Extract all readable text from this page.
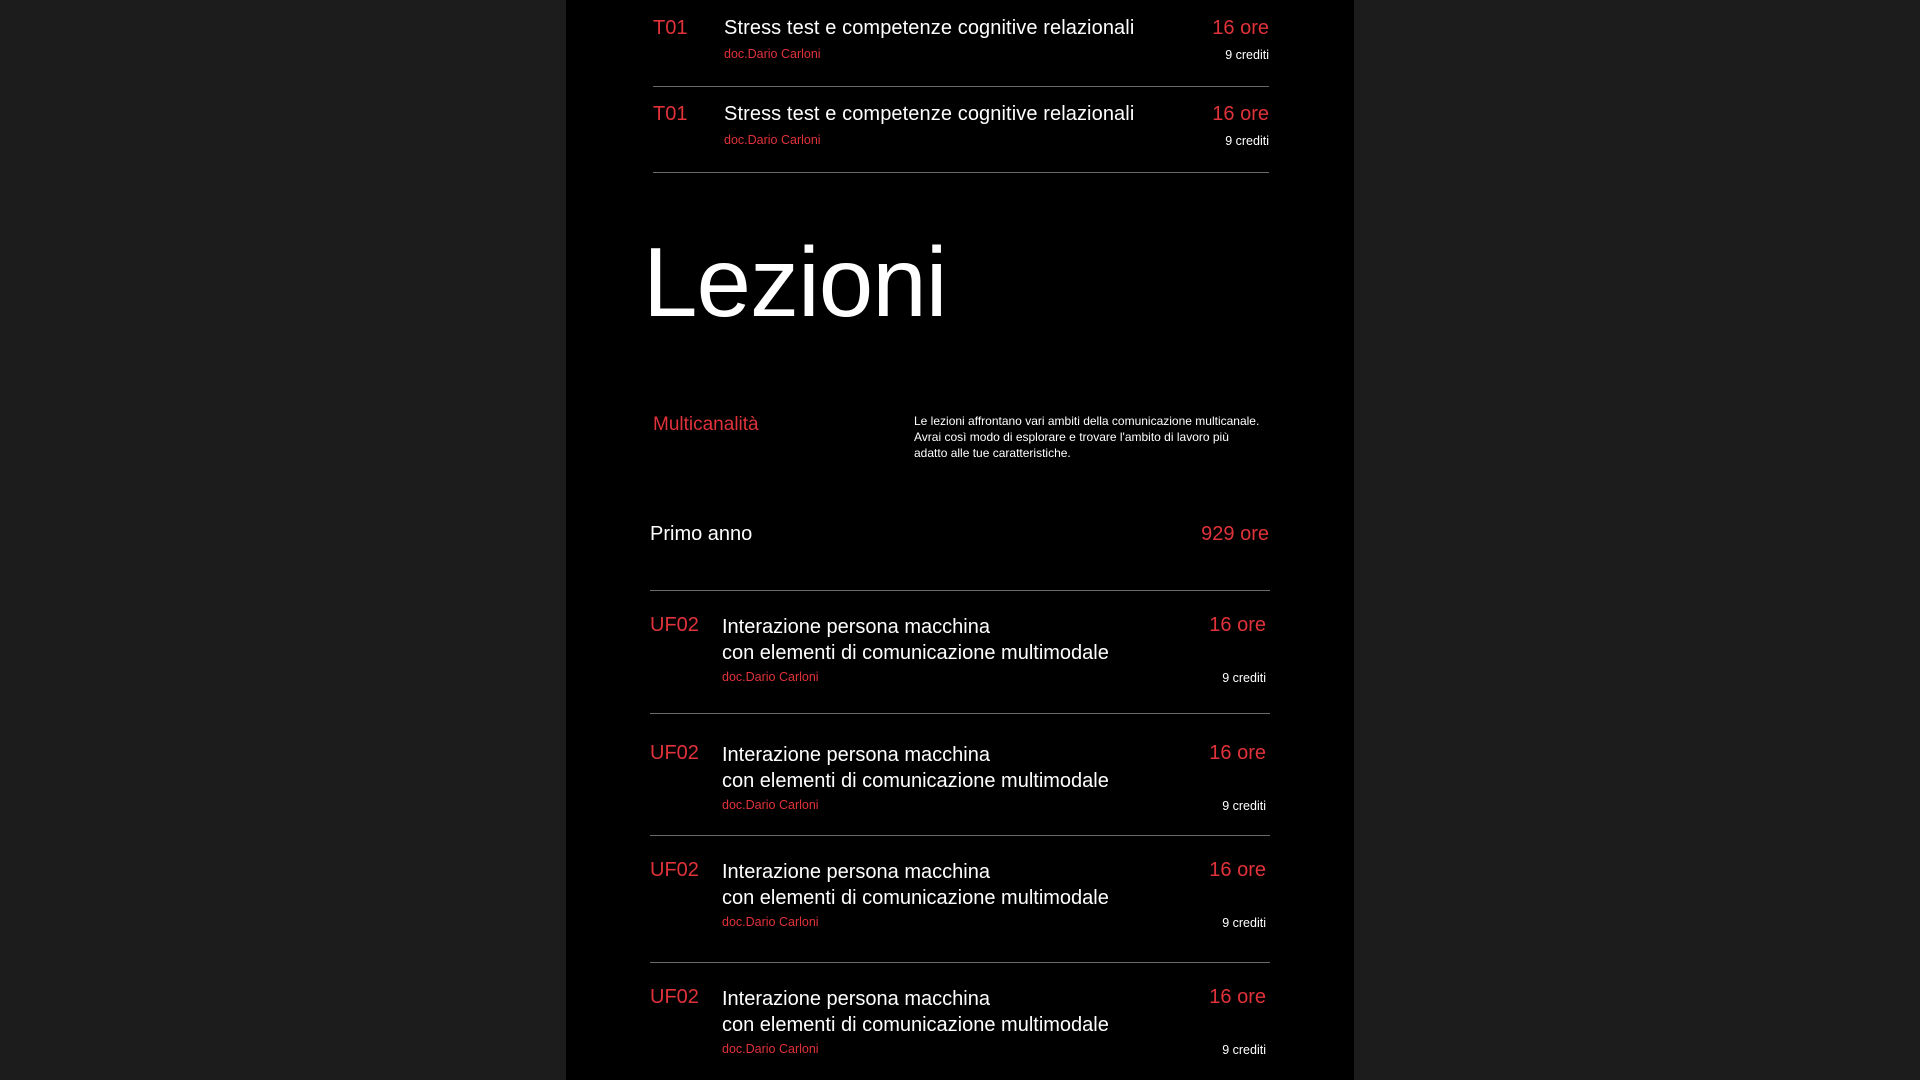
T01 Stress test e competenze cognitive relazionali
doc.Dario Carloni
16 ore
9 crediti
T01 Stress test e competenze cognitive relazionali
doc.Dario Carloni
16 ore
9 crediti
Lezioni
Multicanalità	Le lezioni affrontano vari ambiti della comunicazione multicanale. Avrai così modo di esplorare e trovare l'ambito di lavoro più adatto alle tue caratteristiche.

Primo anno	929 ore
UF02 Interazione persona macchina
con elementi di comunicazione multimodale
doc.Dario Carloni
16 ore
9 crediti
UF02 Interazione persona macchina
con elementi di comunicazione multimodale
doc.Dario Carloni
16 ore
9 crediti
UF02 Interazione persona macchina
con elementi di comunicazione multimodale
doc.Dario Carloni
16 ore
9 crediti
UF02 Interazione persona macchina
con elementi di comunicazione multimodale
doc.Dario Carloni
16 ore
9 crediti
